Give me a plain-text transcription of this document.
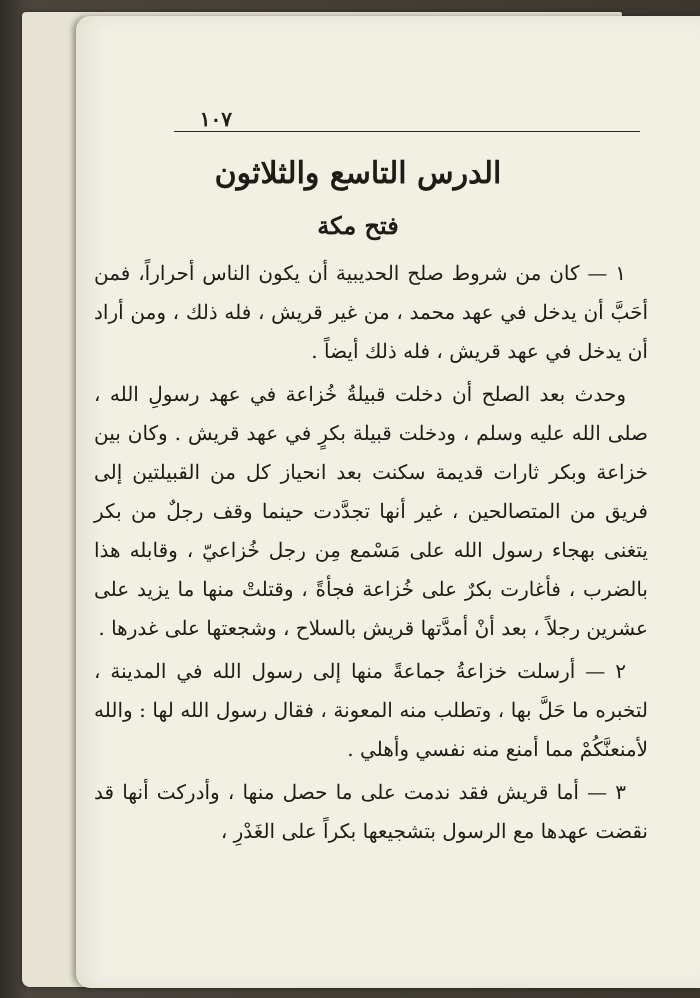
١٠٧
الدرس التاسع والثلاثون
فتح مكة

١ — كان من شروط صلح الحديبية أن يكون الناس أحراراً، فمن أحَبَّ أن يدخل في عهد محمد ، من غير قريش ، فله ذلك ، ومن أراد أن يدخل في عهد قريش ، فله ذلك أيضاً .

وحدث بعد الصلح أن دخلت قبيلةُ خُزاعة في عهد رسولِ الله ، صلى الله عليه وسلم ، ودخلت قبيلة بكرٍ في عهد قريش . وكان بين خزاعة وبكر ثارات قديمة سكنت بعد انحياز كل من القبيلتين إلى فريق من المتصالحين ، غير أنها تجدَّدت حينما وقف رجلٌ من بكر يتغنى بهجاء رسول الله على مَسْمع مِن رجل خُزاعيّ ، وقابله هذا بالضرب ، فأغارت بكرٌ على خُزاعة فجأةً ، وقتلتْ منها ما يزيد على عشرين رجلاً ، بعد أنْ أمدَّتها قريش بالسلاح ، وشجعتها على غدرها .

٢ — أرسلت خزاعةُ جماعةً منها إلى رسول الله في المدينة ، لتخبره ما حَلَّ بها ، وتطلب منه المعونة ، فقال رسول الله لها : والله لأمنعنَّكُمْ مما أمنع منه نفسي وأهلي .

٣ — أما قريش فقد ندمت على ما حصل منها ، وأدركت أنها قد نقضت عهدها مع الرسول بتشجيعها بكراً على الغَدْرِ ،
